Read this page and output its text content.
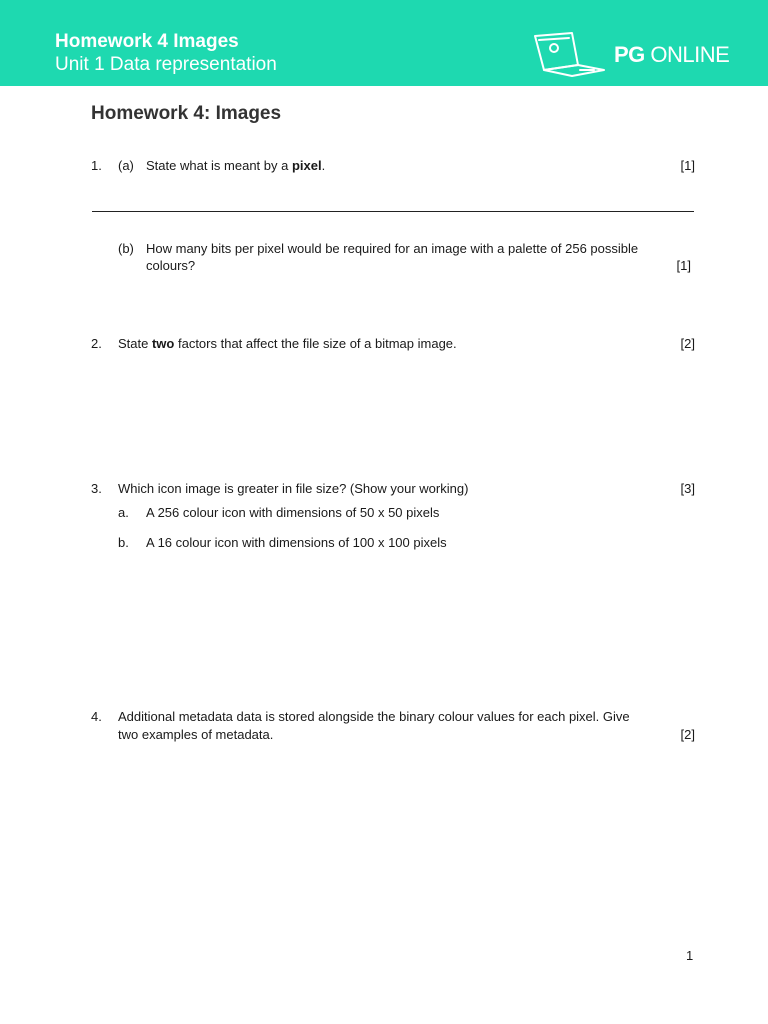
Homework 4 Images
Unit 1 Data representation	PG ONLINE
Homework 4: Images
1. (a) State what is meant by a pixel.	[1]
(b) How many bits per pixel would be required for an image with a palette of 256 possible
colours?	[1]
2. State two factors that affect the file size of a bitmap image.	[2]
3. Which icon image is greater in file size? (Show your working)	[3]
a. A 256 colour icon with dimensions of 50 x 50 pixels
b. A 16 colour icon with dimensions of 100 x 100 pixels
4. Additional metadata data is stored alongside the binary colour values for each pixel. Give
two examples of metadata.	[2]
1
